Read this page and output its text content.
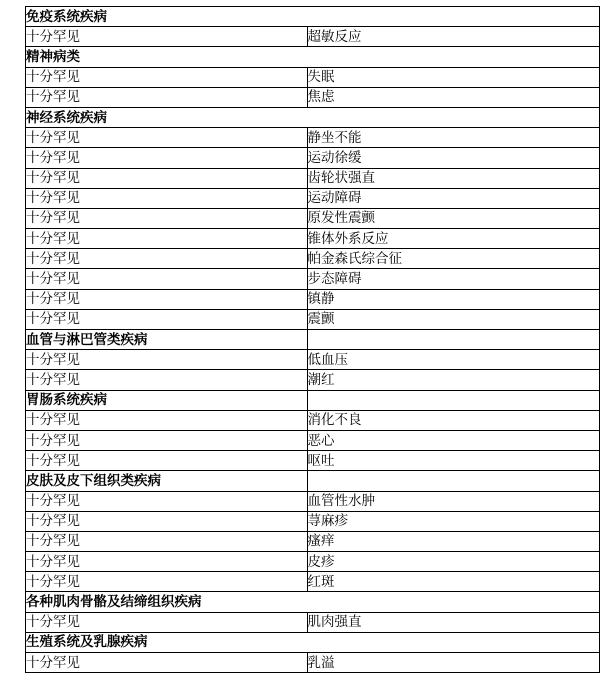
免疫系统疾病	
十分罕见	超敏反应
精神病类	
十分罕见	失眠
十分罕见	焦虑
神经系统疾病	
十分罕见	静坐不能
十分罕见	运动徐缓
十分罕见	齿轮状强直
十分罕见	运动障碍
十分罕见	原发性震颤
十分罕见	锥体外系反应
十分罕见	帕金森氏综合征
十分罕见	步态障碍
十分罕见	镇静
十分罕见	震颤
血管与淋巴管类疾病	
十分罕见	低血压
十分罕见	潮红
胃肠系统疾病	
十分罕见	消化不良
十分罕见	恶心
十分罕见	呕吐
皮肤及皮下组织类疾病	
十分罕见	血管性水肿
十分罕见	荨麻疹
十分罕见	瘙痒
十分罕见	皮疹
十分罕见	红斑
各种肌肉骨骼及结缔组织疾病	
十分罕见	肌肉强直
生殖系统及乳腺疾病	
十分罕见	乳溢
